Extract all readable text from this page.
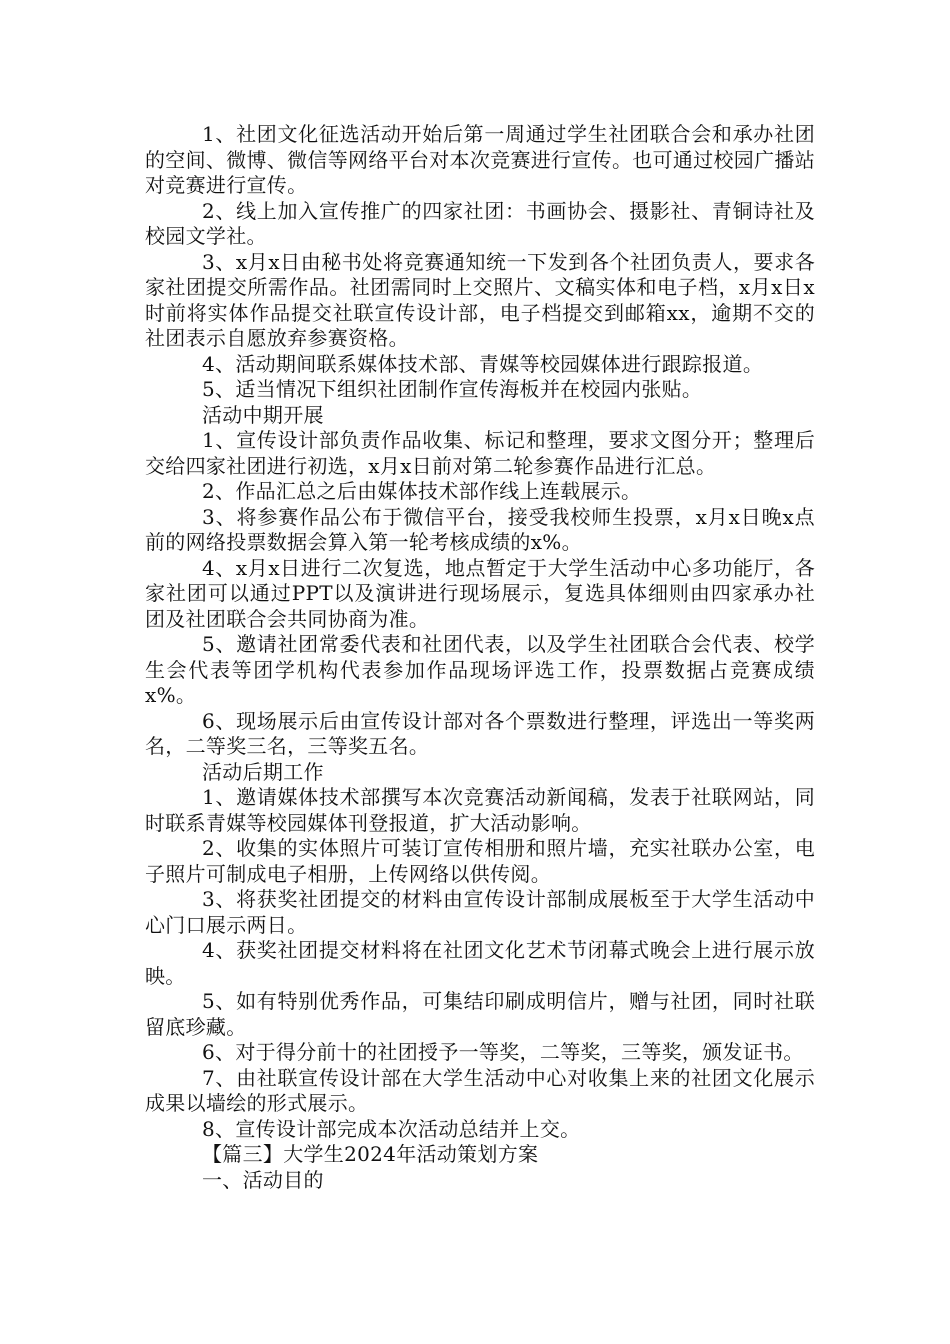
1、社团文化征选活动开始后第一周通过学生社团联合会和承办社团的空间、微博、微信等网络平台对本次竞赛进行宣传。也可通过校园广播站对竞赛进行宣传。

2、线上加入宣传推广的四家社团：书画协会、摄影社、青铜诗社及校园文学社。

3、x月x日由秘书处将竞赛通知统一下发到各个社团负责人，要求各家社团提交所需作品。社团需同时上交照片、文稿实体和电子档，x月x日x时前将实体作品提交社联宣传设计部，电子档提交到邮箱xx，逾期不交的社团表示自愿放弃参赛资格。

4、活动期间联系媒体技术部、青媒等校园媒体进行跟踪报道。

5、适当情况下组织社团制作宣传海板并在校园内张贴。

活动中期开展

1、宣传设计部负责作品收集、标记和整理，要求文图分开；整理后交给四家社团进行初选，x月x日前对第二轮参赛作品进行汇总。

2、作品汇总之后由媒体技术部作线上连载展示。

3、将参赛作品公布于微信平台，接受我校师生投票，x月x日晚x点前的网络投票数据会算入第一轮考核成绩的x%。

4、x月x日进行二次复选，地点暂定于大学生活动中心多功能厅，各家社团可以通过PPT以及演讲进行现场展示，复选具体细则由四家承办社团及社团联合会共同协商为准。

5、邀请社团常委代表和社团代表，以及学生社团联合会代表、校学生会代表等团学机构代表参加作品现场评选工作，投票数据占竞赛成绩x%。

6、现场展示后由宣传设计部对各个票数进行整理，评选出一等奖两名，二等奖三名，三等奖五名。

活动后期工作

1、邀请媒体技术部撰写本次竞赛活动新闻稿，发表于社联网站，同时联系青媒等校园媒体刊登报道，扩大活动影响。

2、收集的实体照片可装订宣传相册和照片墙，充实社联办公室，电子照片可制成电子相册，上传网络以供传阅。

3、将获奖社团提交的材料由宣传设计部制成展板至于大学生活动中心门口展示两日。

4、获奖社团提交材料将在社团文化艺术节闭幕式晚会上进行展示放映。

5、如有特别优秀作品，可集结印刷成明信片，赠与社团，同时社联留底珍藏。

6、对于得分前十的社团授予一等奖，二等奖，三等奖，颁发证书。

7、由社联宣传设计部在大学生活动中心对收集上来的社团文化展示成果以墙绘的形式展示。

8、宣传设计部完成本次活动总结并上交。

【篇三】大学生2024年活动策划方案

一、活动目的
